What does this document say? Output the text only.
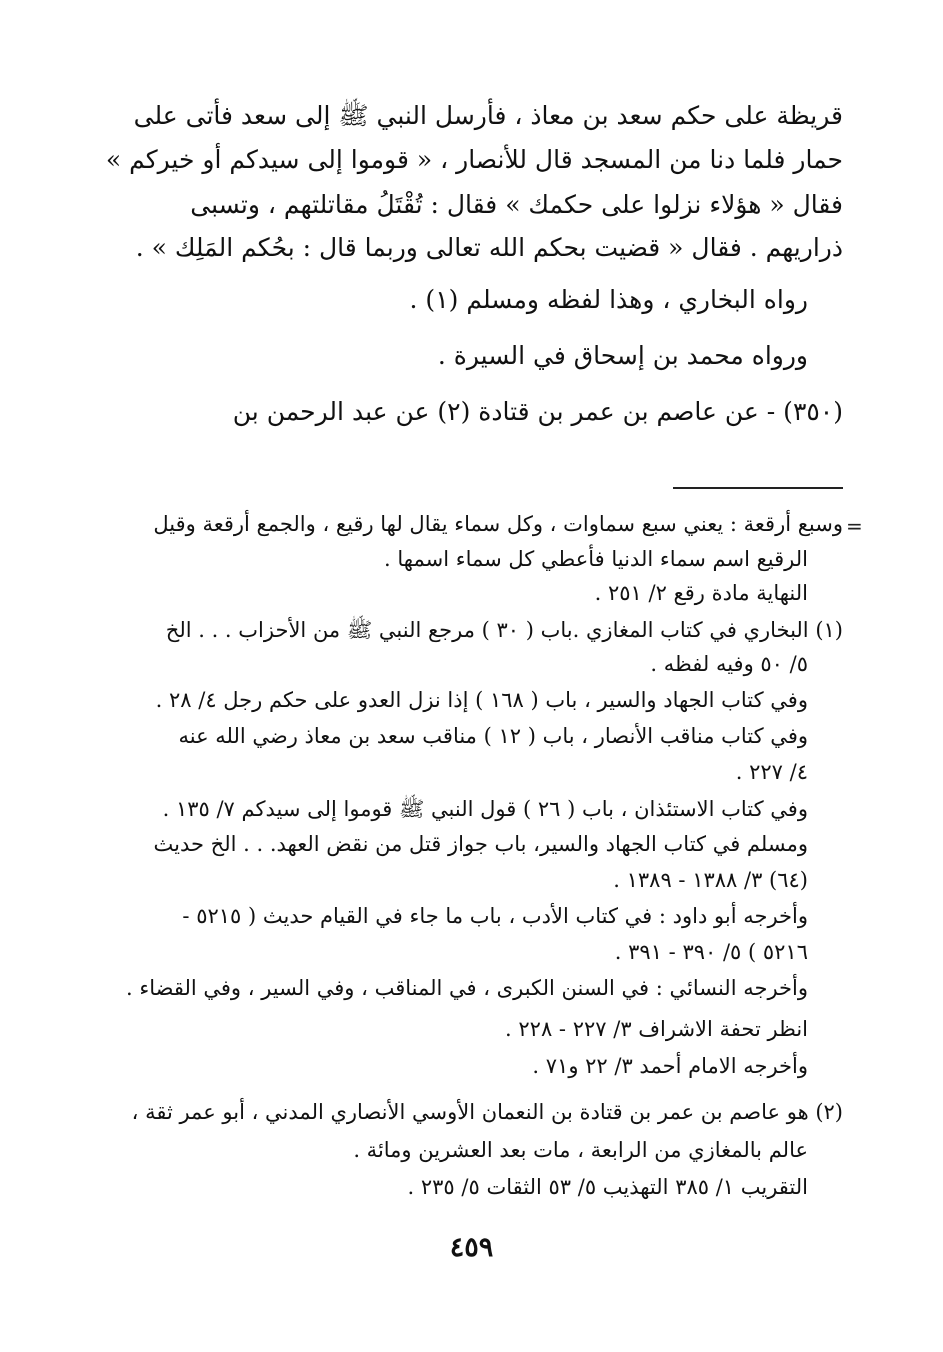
قريظة على حكم سعد بن معاذ ، فأرسل النبي ﷺ إلى سعد فأتى على
حمار فلما دنا من المسجد قال للأنصار ، « قوموا إلى سيدكم أو خيركم »
فقال « هؤلاء نزلوا على حكمك » فقال : تُقْتَلُ مقاتلتهم ، وتسبى
ذراريهم . فقال « قضيت بحكم الله تعالى وربما قال : بحُكم المَلِك » .
رواه البخاري ، وهذا لفظه ومسلم (١) .
ورواه محمد بن إسحاق في السيرة .
(٣٥٠) - عن عاصم بن عمر بن قتادة (٢) عن عبد الرحمن بن
=
وسبع أرقعة : يعني سبع سماوات ، وكل سماء يقال لها رقيع ، والجمع أرقعة وقيل
الرقيع اسم سماء الدنيا فأعطي كل سماء اسمها .
النهاية مادة رقع ٢/ ٢٥١ .
(١) البخاري في كتاب المغازي .باب ( ٣٠ ) مرجع النبي ﷺ من الأحزاب . . . الخ
٥/ ٥٠ وفيه لفظه .
وفي كتاب الجهاد والسير ، باب ( ١٦٨ ) إذا نزل العدو على حكم رجل ٤/ ٢٨ .
وفي كتاب مناقب الأنصار ، باب ( ١٢ ) مناقب سعد بن معاذ رضي الله عنه
٤/ ٢٢٧ .
وفي كتاب الاستئذان ، باب ( ٢٦ ) قول النبي ﷺ قوموا إلى سيدكم ٧/ ١٣٥ .
ومسلم في كتاب الجهاد والسير، باب جواز قتل من نقض العهد. . . الخ حديث
(٦٤) ٣/ ١٣٨٨ - ١٣٨٩ .
وأخرجه أبو داود : في كتاب الأدب ، باب ما جاء في القيام حديث ( ٥٢١٥ -
٥٢١٦ ) ٥/ ٣٩٠ - ٣٩١ .
وأخرجه النسائي : في السنن الكبرى ، في المناقب ، وفي السير ، وفي القضاء .
انظر تحفة الاشراف ٣/ ٢٢٧ - ٢٢٨ .
وأخرجه الامام أحمد ٣/ ٢٢ و٧١ .
(٢) هو عاصم بن عمر بن قتادة بن النعمان الأوسي الأنصاري المدني ، أبو عمر ثقة ،
عالم بالمغازي من الرابعة ، مات بعد العشرين ومائة .
التقريب ١/ ٣٨٥ التهذيب ٥/ ٥٣ الثقات ٥/ ٢٣٥ .
٤٥٩
